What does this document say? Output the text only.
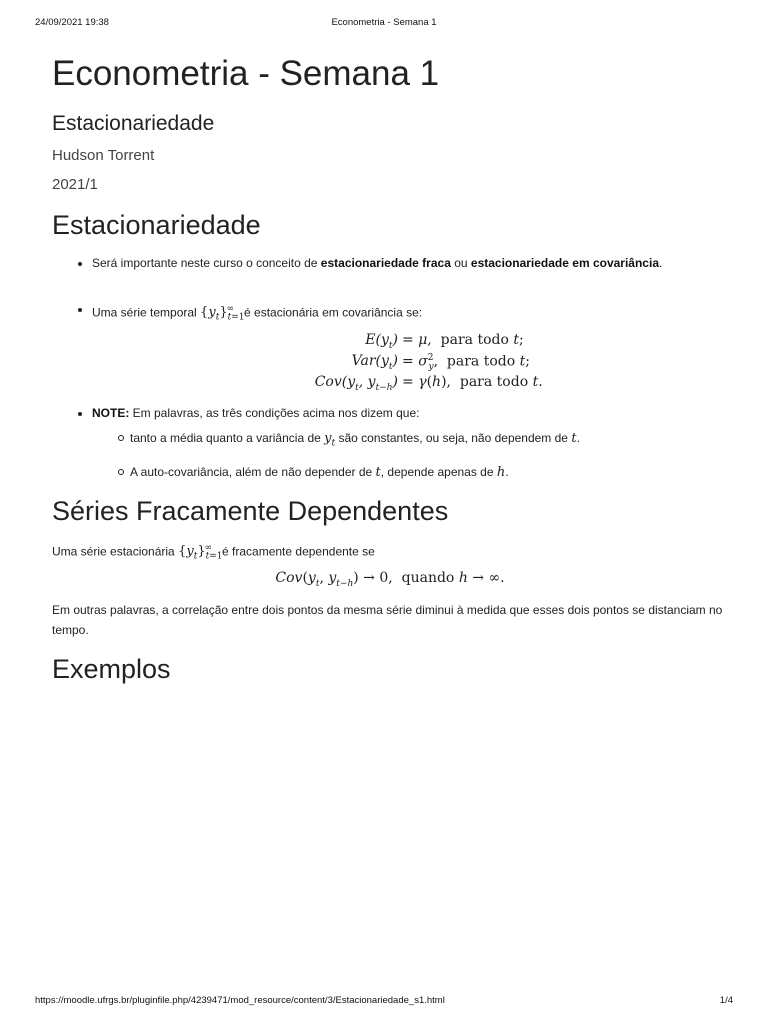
24/09/2021 19:38	Econometria - Semana 1
Econometria - Semana 1
Estacionariedade
Hudson Torrent
2021/1
Estacionariedade
Será importante neste curso o conceito de estacionariedade fraca ou estacionariedade em covariância.
Uma série temporal $\{y_t\}_{t=1}^\infty$ é estacionária em covariância se:
$E(y_t) = \mu$,  para todo t;
$Var(y_t) = \sigma^2_y$,  para todo t;
$Cov(y_t$, $y_{t-h}) = \gamma(h)$,  para todo t.
NOTE: Em palavras, as três condições acima nos dizem que:
tanto a média quanto a variância de $y_t$ são constantes, ou seja, não dependem de t.
A auto-covariância, além de não depender de t, depende apenas de h.
Séries Fracamente Dependentes
Uma série estacionária $\{y_t\}_{t=1}^\infty$ é fracamente dependente se
$Cov(y_t$, $y_{t-h}) \to 0$,  quando h → ∞.
Em outras palavras, a correlação entre dois pontos da mesma série diminui à medida que esses dois pontos se distanciam no tempo.
Exemplos
https://moodle.ufrgs.br/pluginfile.php/4239471/mod_resource/content/3/Estacionariedade_s1.html	1/4
